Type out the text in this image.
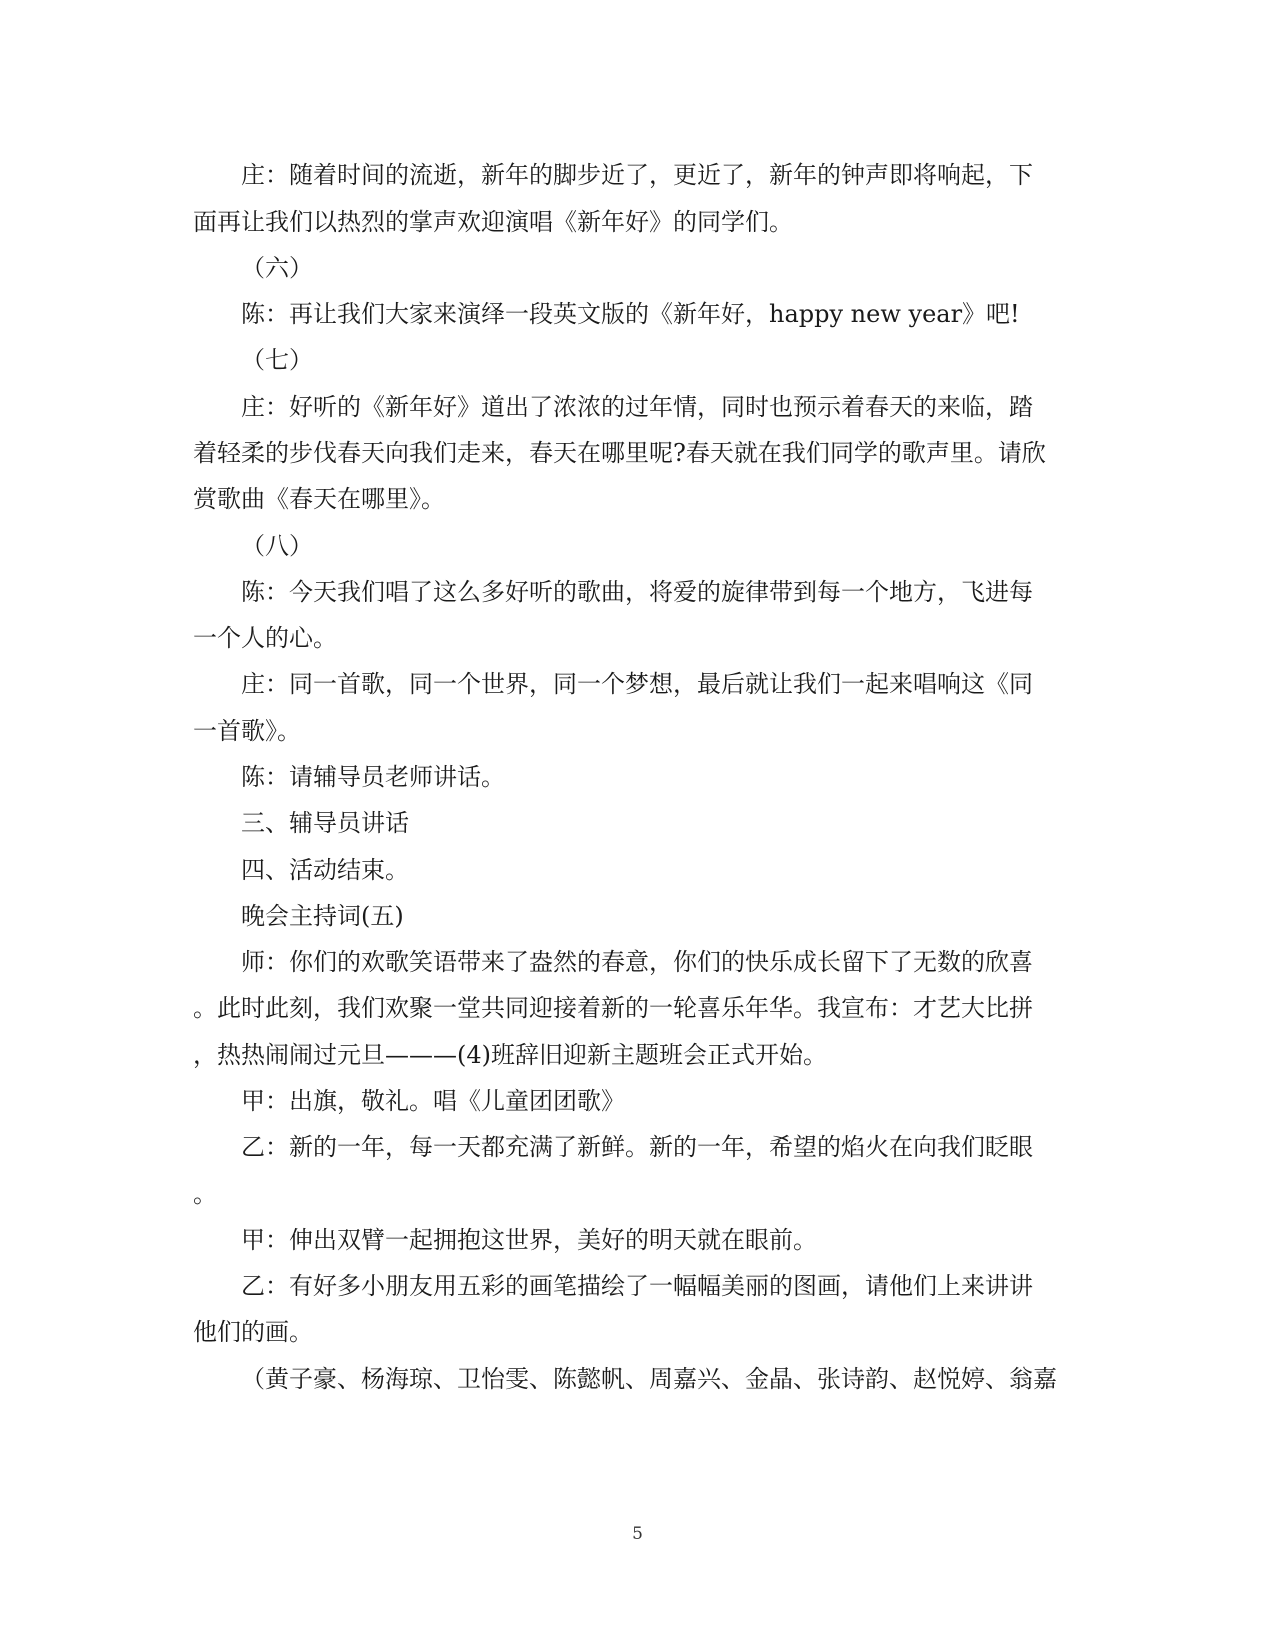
庄：随着时间的流逝，新年的脚步近了，更近了，新年的钟声即将响起，下
面再让我们以热烈的掌声欢迎演唱《新年好》的同学们。
（六）
陈：再让我们大家来演绎一段英文版的《新年好，happy new year》吧!
（七）
庄：好听的《新年好》道出了浓浓的过年情，同时也预示着春天的来临，踏
着轻柔的步伐春天向我们走来，春天在哪里呢?春天就在我们同学的歌声里。请欣
赏歌曲《春天在哪里》。
（八）
陈：今天我们唱了这么多好听的歌曲，将爱的旋律带到每一个地方，飞进每
一个人的心。
庄：同一首歌，同一个世界，同一个梦想，最后就让我们一起来唱响这《同
一首歌》。
陈：请辅导员老师讲话。
三、辅导员讲话
四、活动结束。
晚会主持词(五)
师：你们的欢歌笑语带来了盎然的春意，你们的快乐成长留下了无数的欣喜
。此时此刻，我们欢聚一堂共同迎接着新的一轮喜乐年华。我宣布：才艺大比拼
，热热闹闹过元旦———(4)班辞旧迎新主题班会正式开始。
甲：出旗，敬礼。唱《儿童团团歌》
乙：新的一年，每一天都充满了新鲜。新的一年，希望的焰火在向我们眨眼
。
甲：伸出双臂一起拥抱这世界，美好的明天就在眼前。
乙：有好多小朋友用五彩的画笔描绘了一幅幅美丽的图画，请他们上来讲讲
他们的画。
（黄子豪、杨海琼、卫怡雯、陈懿帆、周嘉兴、金晶、张诗韵、赵悦婷、翁嘉
5
